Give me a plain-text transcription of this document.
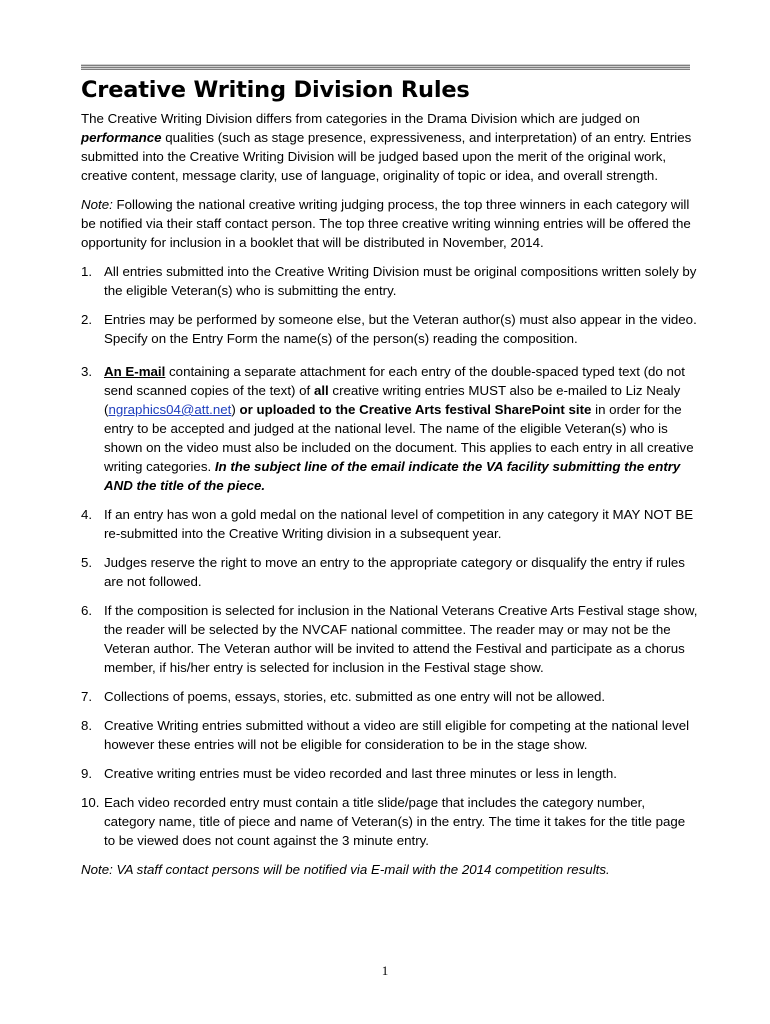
Creative Writing Division Rules

The Creative Writing Division differs from categories in the Drama Division which are judged on performance qualities (such as stage presence, expressiveness, and interpretation) of an entry. Entries submitted into the Creative Writing Division will be judged based upon the merit of the original work, creative content, message clarity, use of language, originality of topic or idea, and overall strength.

Note: Following the national creative writing judging process, the top three winners in each category will be notified via their staff contact person. The top three creative writing winning entries will be offered the opportunity for inclusion in a booklet that will be distributed in November, 2014.

1. All entries submitted into the Creative Writing Division must be original compositions written solely by the eligible Veteran(s) who is submitting the entry.
2. Entries may be performed by someone else, but the Veteran author(s) must also appear in the video. Specify on the Entry Form the name(s) of the person(s) reading the composition.
3. An E-mail containing a separate attachment for each entry of the double-spaced typed text (do not send scanned copies of the text) of all creative writing entries MUST also be e-mailed to Liz Nealy (ngraphics04@att.net) or uploaded to the Creative Arts festival SharePoint site in order for the entry to be accepted and judged at the national level. The name of the eligible Veteran(s) who is shown on the video must also be included on the document. This applies to each entry in all creative writing categories. In the subject line of the email indicate the VA facility submitting the entry AND the title of the piece.
4. If an entry has won a gold medal on the national level of competition in any category it MAY NOT BE re-submitted into the Creative Writing division in a subsequent year.
5. Judges reserve the right to move an entry to the appropriate category or disqualify the entry if rules are not followed.
6. If the composition is selected for inclusion in the National Veterans Creative Arts Festival stage show, the reader will be selected by the NVCAF national committee. The reader may or may not be the Veteran author. The Veteran author will be invited to attend the Festival and participate as a chorus member, if his/her entry is selected for inclusion in the Festival stage show.
7. Collections of poems, essays, stories, etc. submitted as one entry will not be allowed.
8. Creative Writing entries submitted without a video are still eligible for competing at the national level however these entries will not be eligible for consideration to be in the stage show.
9. Creative writing entries must be video recorded and last three minutes or less in length.
10. Each video recorded entry must contain a title slide/page that includes the category number, category name, title of piece and name of Veteran(s) in the entry. The time it takes for the title page to be viewed does not count against the 3 minute entry.

Note: VA staff contact persons will be notified via E-mail with the 2014 competition results.

1
